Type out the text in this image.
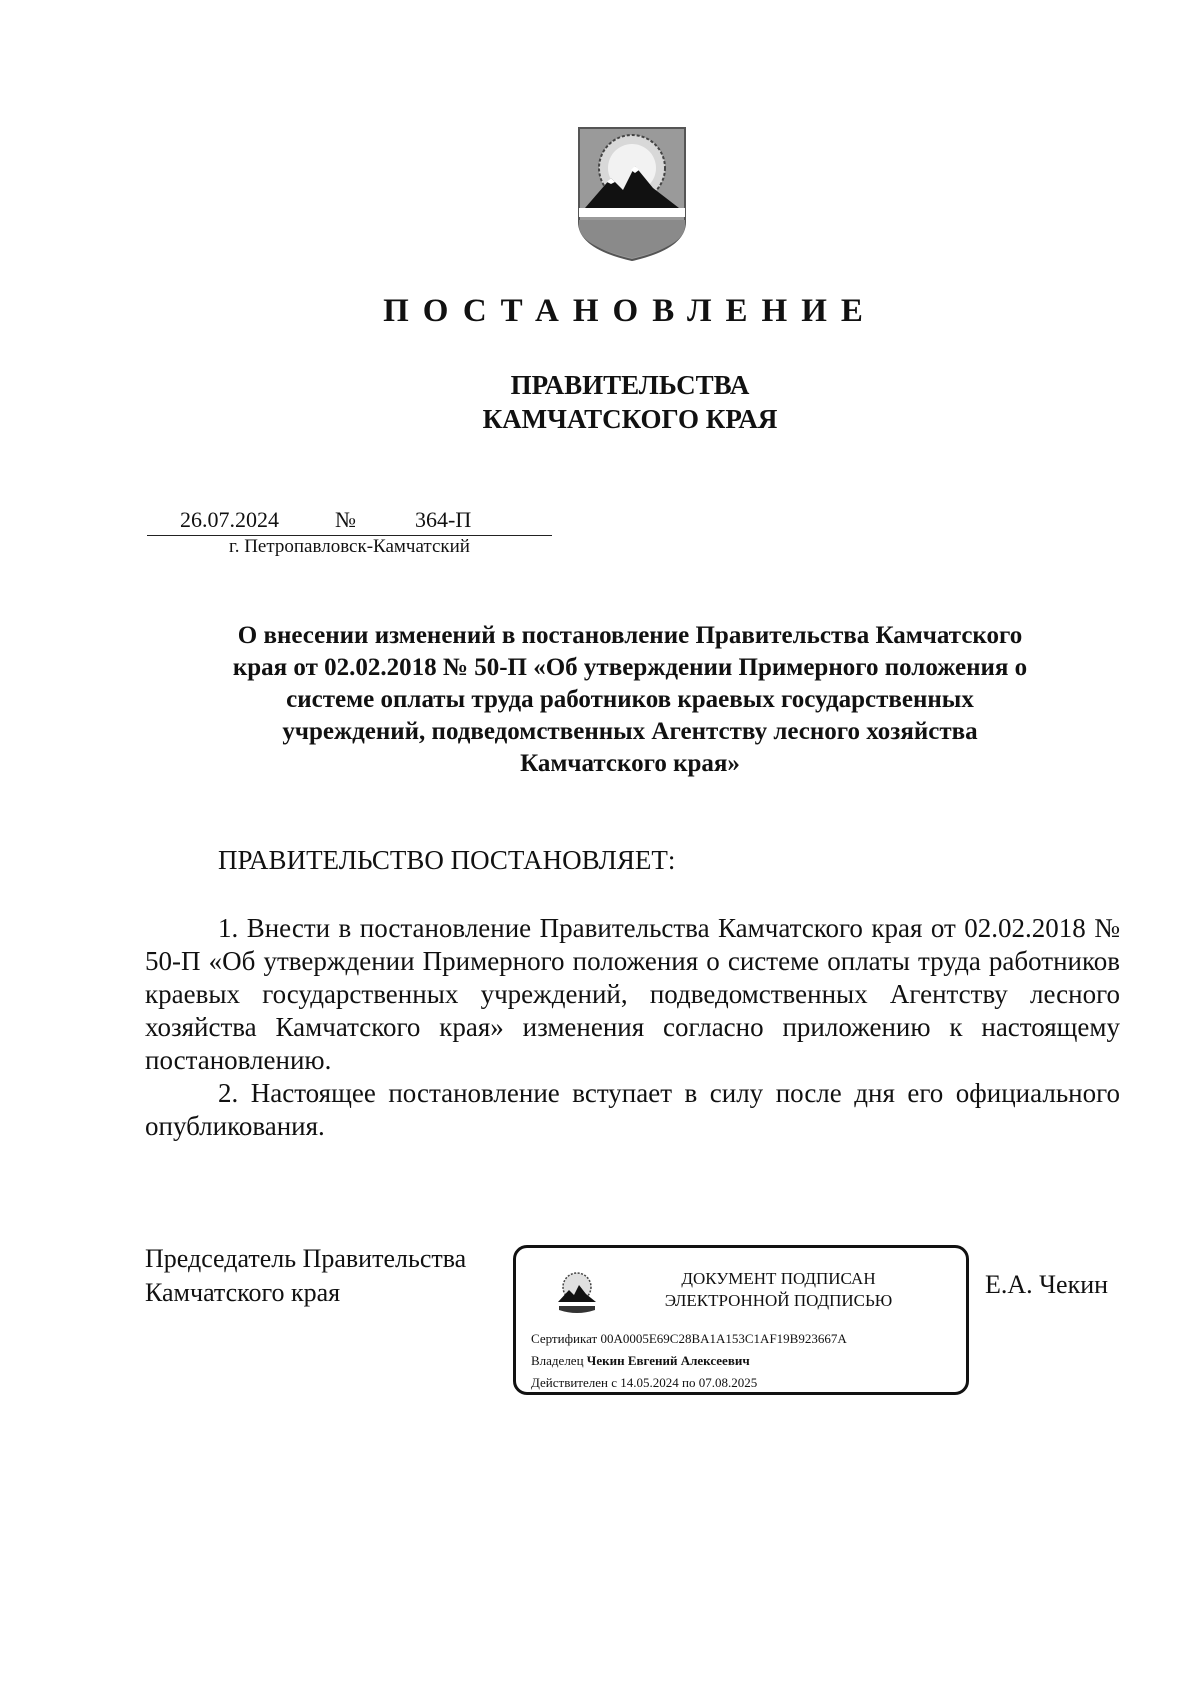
ПОСТАНОВЛЕНИЕ
ПРАВИТЕЛЬСТВА
КАМЧАТСКОГО КРАЯ
26.07.2024	№	364-П
г. Петропавловск-Камчатский
О внесении изменений в постановление Правительства Камчатского
края от 02.02.2018 № 50-П «Об утверждении Примерного положения о
системе оплаты труда работников краевых государственных
учреждений, подведомственных Агентству лесного хозяйства
Камчатского края»
ПРАВИТЕЛЬСТВО ПОСТАНОВЛЯЕТ:

1. Внести в постановление Правительства Камчатского края от 02.02.2018 № 50-П «Об утверждении Примерного положения о системе оплаты труда работников краевых государственных учреждений, подведомственных Агентству лесного хозяйства Камчатского края» изменения согласно приложению к настоящему постановлению.

2. Настоящее постановление вступает в силу после дня его официального опубликования.

Председатель Правительства
Камчатского края	ДОКУМЕНТ ПОДПИСАН
ЭЛЕКТРОННОЙ ПОДПИСЬЮ
Сертификат 00A0005E69C28BA1A153C1AF19B923667A
Владелец Чекин Евгений Алексеевич
Действителен с 14.05.2024 по 07.08.2025
Е.А. Чекин
